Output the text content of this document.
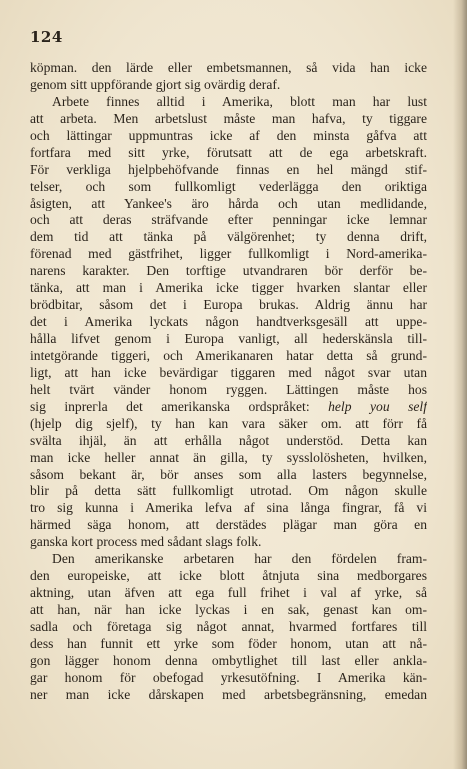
124
köpman. den lärde eller embetsmannen, så vida han icke
genom sitt uppförande gjort sig ovärdig deraf.
Arbete finnes alltid i Amerika, blott man har lust
att arbeta. Men arbetslust måste man hafva, ty tiggare
och lättingar uppmuntras icke af den minsta gåfva att
fortfara med sitt yrke, förutsatt att de ega arbetskraft.
För verkliga hjelpbehöfvande finnas en hel mängd stif-
telser, och som fullkomligt vederlägga den oriktiga
åsigten, att Yankee's äro hårda och utan medlidande,
och att deras sträfvande efter penningar icke lemnar
dem tid att tänka på välgörenhet; ty denna drift,
förenad med gästfrihet, ligger fullkomligt i Nord-amerika-
narens karakter. Den torftige utvandraren bör derför be-
tänka, att man i Amerika icke tigger hvarken slantar eller
brödbitar, såsom det i Europa brukas. Aldrig ännu har
det i Amerika lyckats någon handtverksgesäll att uppe-
hålla lifvet genom i Europa vanligt, all hederskänsla till-
intetgörande tiggeri, och Amerikanaren hatar detta så grund-
ligt, att han icke bevärdigar tiggaren med något svar utan
helt tvärt vänder honom ryggen. Lättingen måste hos
sig inprегla det amerikanska ordspråket: help you self
(hjelp dig sjelf), ty han kan vara säker om. att förr få
svälta ihjäl, än att erhålla något understöd. Detta kan
man icke heller annat än gilla, ty sysslolösheten, hvilken,
såsom bekant är, bör anses som alla lasters begynnelse,
blir på detta sätt fullkomligt utrotad. Om någon skulle
tro sig kunna i Amerika lefva af sina långa fingrar, få vi
härmed säga honom, att derstädes plägar man göra en
ganska kort process med sådant slags folk.
Den amerikanske arbetaren har den fördelen fram-
den europeiske, att icke blott åtnjuta sina medborgares
aktning, utan äfven att ega full frihet i val af yrke, så
att han, när han icke lyckas i en sak, genast kan om-
sadla och företaga sig något annat, hvarmed fortfares till
dess han funnit ett yrke som föder honom, utan att nå-
gon lägger honom denna ombytlighet till last eller ankla-
gar honom för obefogad yrkesutöfning. I Amerika kän-
ner man icke dårskapen med arbetsbegränsning, emedan
